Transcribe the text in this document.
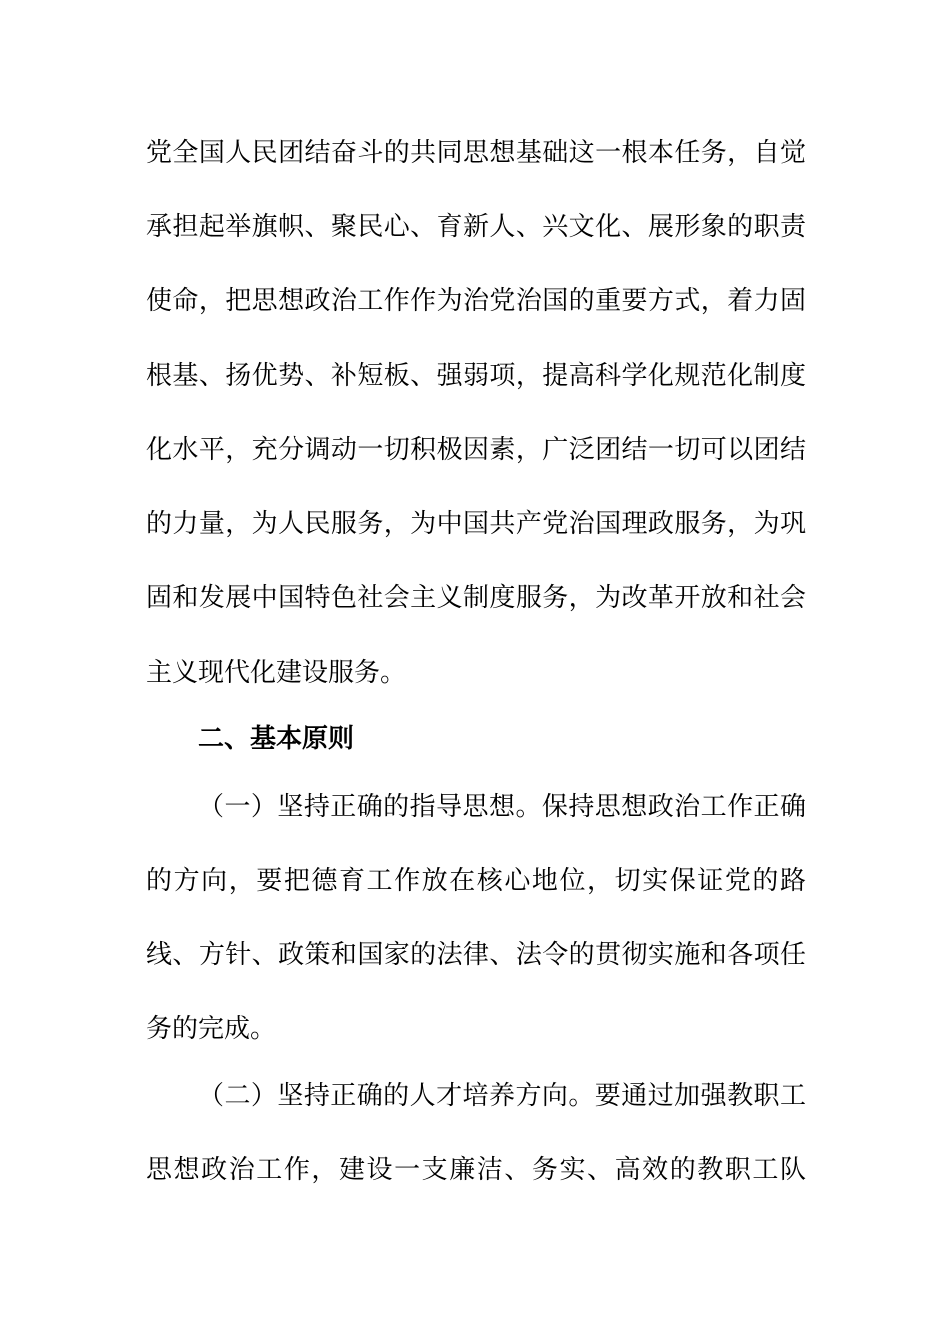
党全国人民团结奋斗的共同思想基础这一根本任务，自觉
承担起举旗帜、聚民心、育新人、兴文化、展形象的职责
使命，把思想政治工作作为治党治国的重要方式，着力固
根基、扬优势、补短板、强弱项，提高科学化规范化制度
化水平，充分调动一切积极因素，广泛团结一切可以团结
的力量，为人民服务，为中国共产党治国理政服务，为巩
固和发展中国特色社会主义制度服务，为改革开放和社会
主义现代化建设服务。
二、基本原则
（一）坚持正确的指导思想。保持思想政治工作正确
的方向，要把德育工作放在核心地位，切实保证党的路
线、方针、政策和国家的法律、法令的贯彻实施和各项任
务的完成。
（二）坚持正确的人才培养方向。要通过加强教职工
思想政治工作，建设一支廉洁、务实、高效的教职工队
